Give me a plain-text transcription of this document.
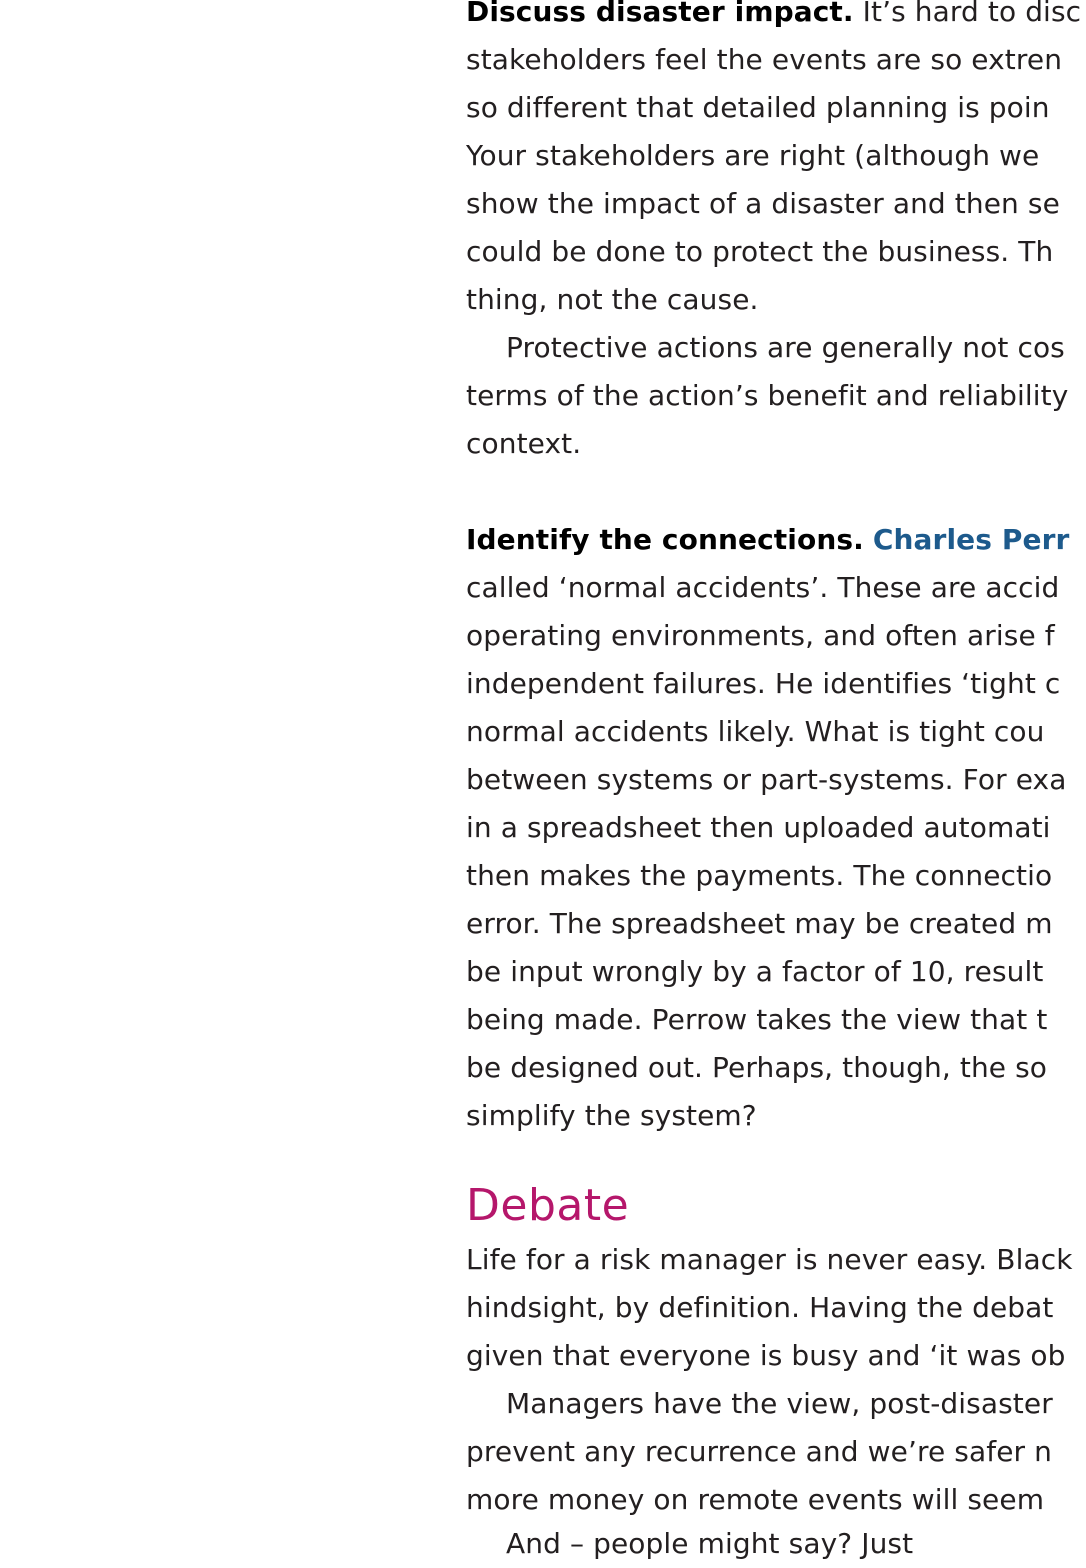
Discuss disaster impact. It’s hard to disc
stakeholders feel the events are so extren
so different that detailed planning is poin
Your stakeholders are right (although we
show the impact of a disaster and then se
could be done to protect the business. Th
thing, not the cause.
Protective actions are generally not cos
terms of the action’s benefit and reliability
context.
Identify the connections. Charles Perr
called ‘normal accidents’. These are accid
operating environments, and often arise f
independent failures. He identifies ‘tight c
normal accidents likely. What is tight cou
between systems or part-systems. For exa
in a spreadsheet then uploaded automati
then makes the payments. The connectio
error. The spreadsheet may be created m
be input wrongly by a factor of 10, result
being made. Perrow takes the view that t
be designed out. Perhaps, though, the so
simplify the system?
Debate
Life for a risk manager is never easy. Black
hindsight, by definition. Having the debat
given that everyone is busy and ‘it was ob
Managers have the view, post-disaster
prevent any recurrence and we’re safer n
more money on remote events will seem
And – people might say? Just
